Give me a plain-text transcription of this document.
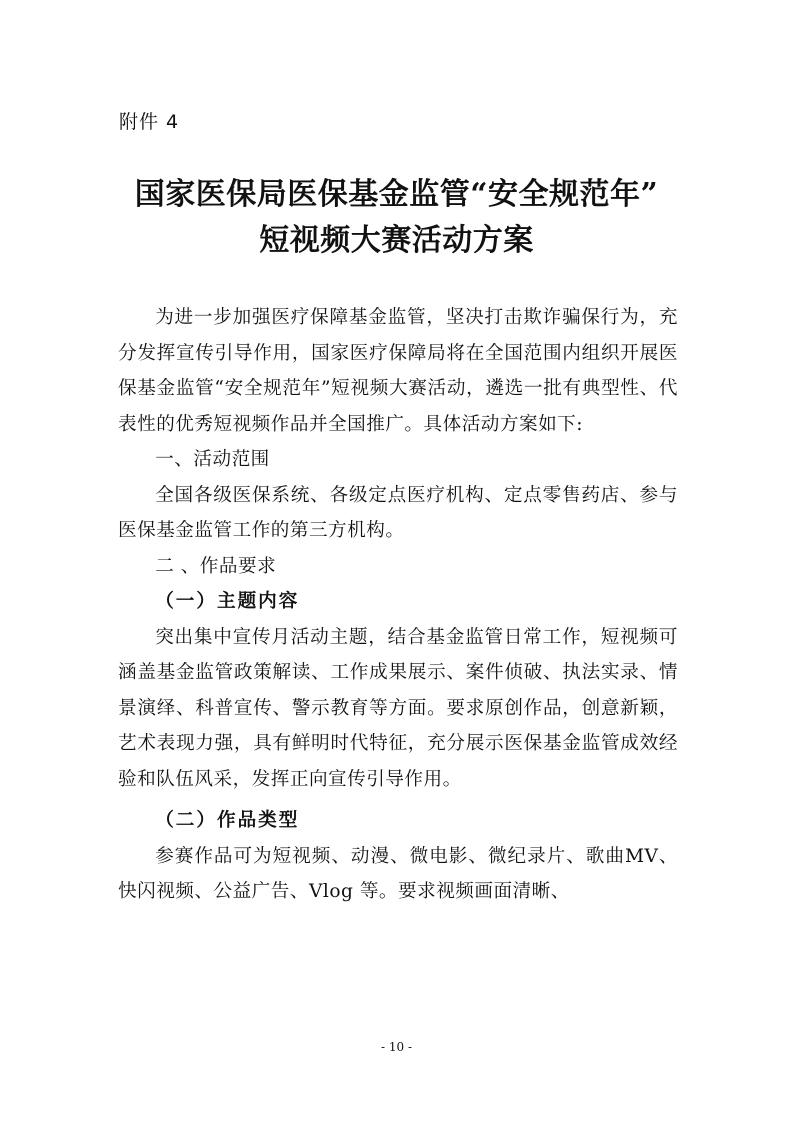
附件 4

国家医保局医保基金监管“安全规范年”
短视频大赛活动方案

为进一步加强医疗保障基金监管，坚决打击欺诈骗保行为，充分发挥宣传引导作用，国家医疗保障局将在全国范围内组织开展医保基金监管“安全规范年”短视频大赛活动，遴选一批有典型性、代表性的优秀短视频作品并全国推广。具体活动方案如下:

一、活动范围

全国各级医保系统、各级定点医疗机构、定点零售药店、参与医保基金监管工作的第三方机构。

二 、作品要求

（一）主题内容

突出集中宣传月活动主题，结合基金监管日常工作，短视频可涵盖基金监管政策解读、工作成果展示、案件侦破、执法实录、情景演绎、科普宣传、警示教育等方面。要求原创作品，创意新颖，艺术表现力强，具有鲜明时代特征，充分展示医保基金监管成效经验和队伍风采，发挥正向宣传引导作用。

（二）作品类型

参赛作品可为短视频、动漫、微电影、微纪录片、歌曲MV、快闪视频、公益广告、Vlog 等。要求视频画面清晰、

- 10 -
